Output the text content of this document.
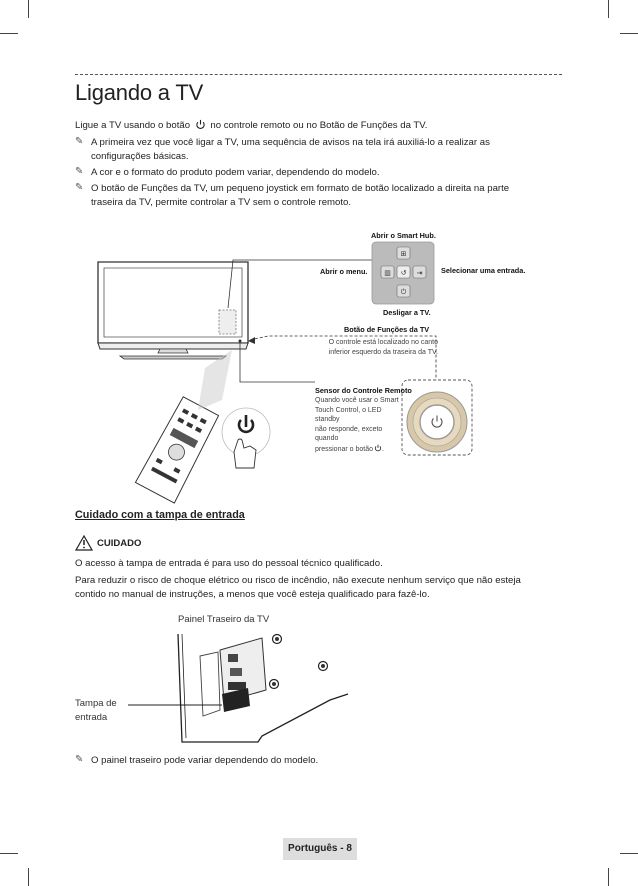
Ligando a TV
Ligue a TV usando o botão no controle remoto ou no Botão de Funções da TV.
✎ A primeira vez que você ligar a TV, uma sequência de avisos na tela irá auxiliá-lo a realizar as
configurações básicas.
✎ A cor e o formato do produto podem variar, dependendo do modelo.
✎ O botão de Funções da TV, um pequeno joystick em formato de botão localizado a direita na parte
traseira da TV, permite controlar a TV sem o controle remoto.
⊞
▥ ↺ ⇥
⏻
Abrir o Smart Hub.
Abrir o menu.	Selecionar uma entrada.
Desligar a TV.
Botão de Funções da TV
O controle está localizado no canto
inferior esquerdo da traseira da TV.
Sensor do Controle Remoto
Quando você usar o Smart
Touch Control, o LED standby
não responde, exceto quando
pressionar o botão .
Cuidado com a tampa de entrada
CUIDADO
O acesso à tampa de entrada é para uso do pessoal técnico qualificado.
Para reduzir o risco de choque elétrico ou risco de incêndio, não execute nenhum serviço que não esteja
contido no manual de instruções, a menos que você esteja qualificado para fazê-lo.
Painel Traseiro da TV
Tampa de
entrada
✎ O painel traseiro pode variar dependendo do modelo.
Português - 8
